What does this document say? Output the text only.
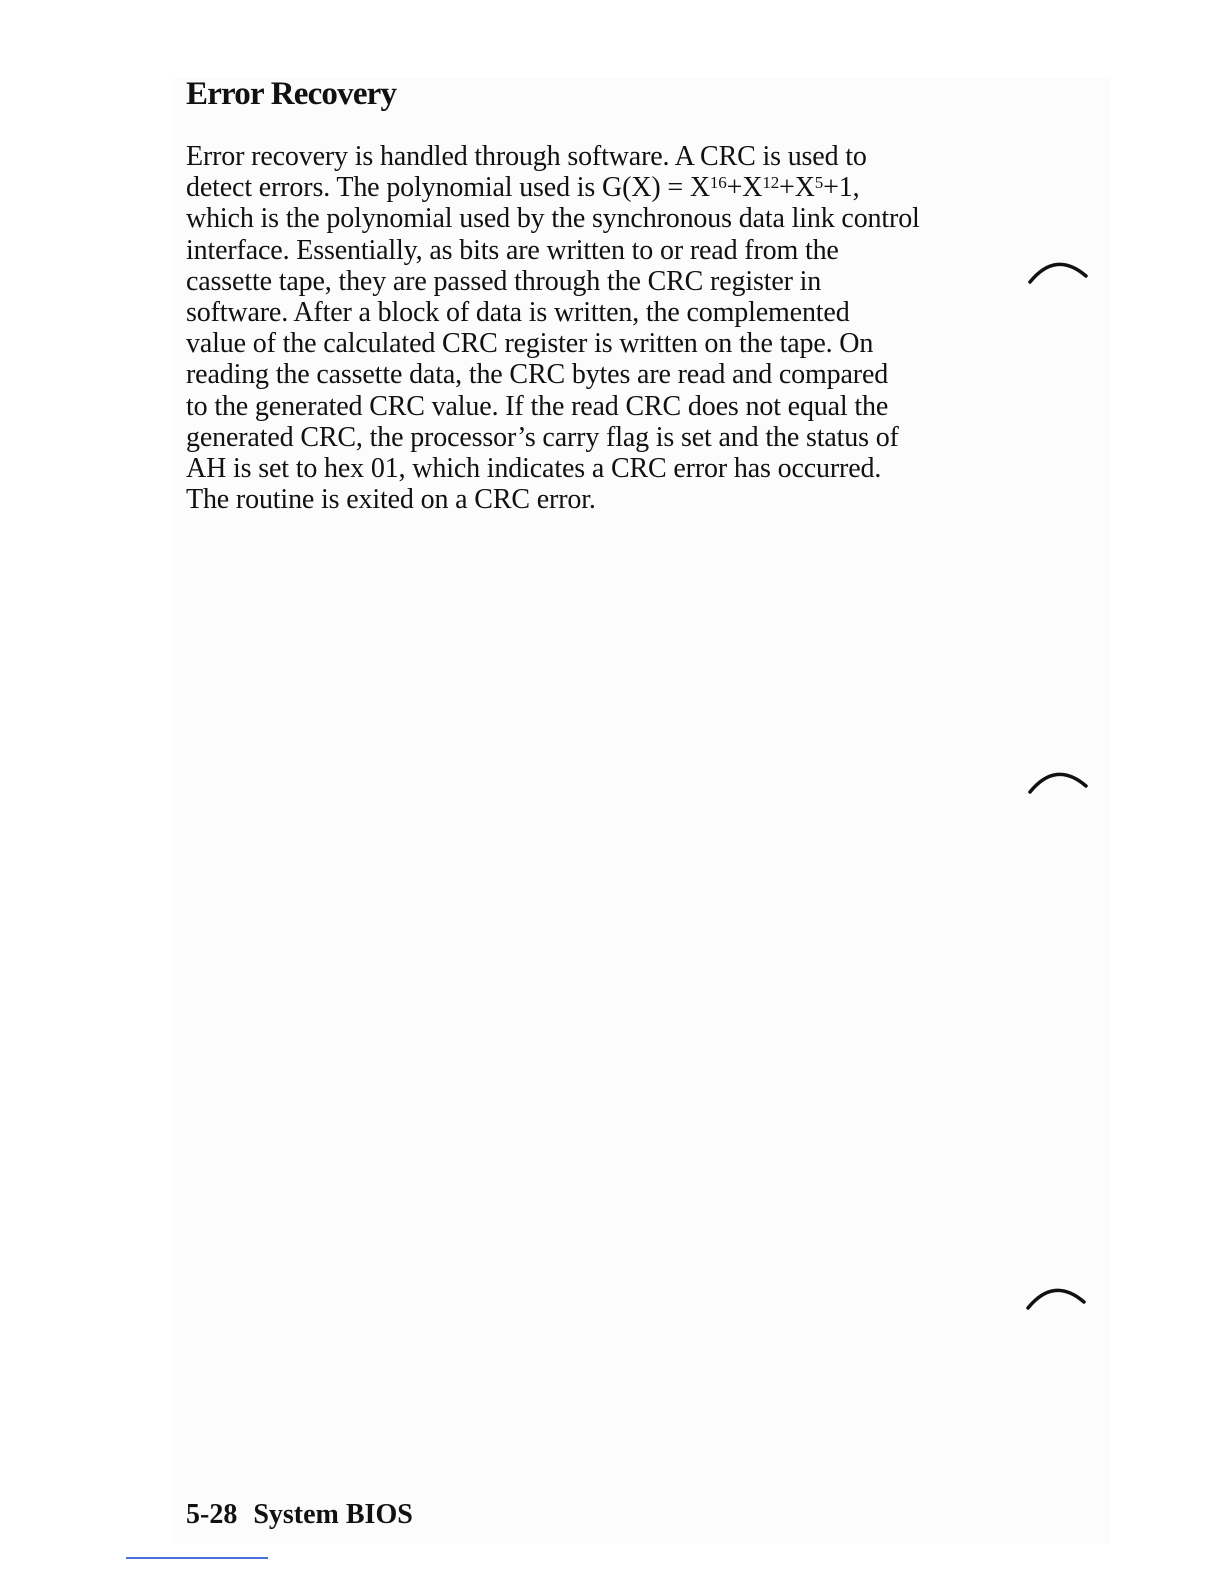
Error Recovery
Error recovery is handled through software. A CRC is used to
detect errors. The polynomial used is $G(X) = X^{16}+X^{12}+X^5+1$,
which is the polynomial used by the synchronous data link control
interface. Essentially, as bits are written to or read from the
cassette tape, they are passed through the CRC register in
software. After a block of data is written, the complemented
value of the calculated CRC register is written on the tape. On
reading the cassette data, the CRC bytes are read and compared
to the generated CRC value. If the read CRC does not equal the
generated CRC, the processor’s carry flag is set and the status of
AH is set to hex 01, which indicates a CRC error has occurred.
The routine is exited on a CRC error.
5-28 System BIOS
